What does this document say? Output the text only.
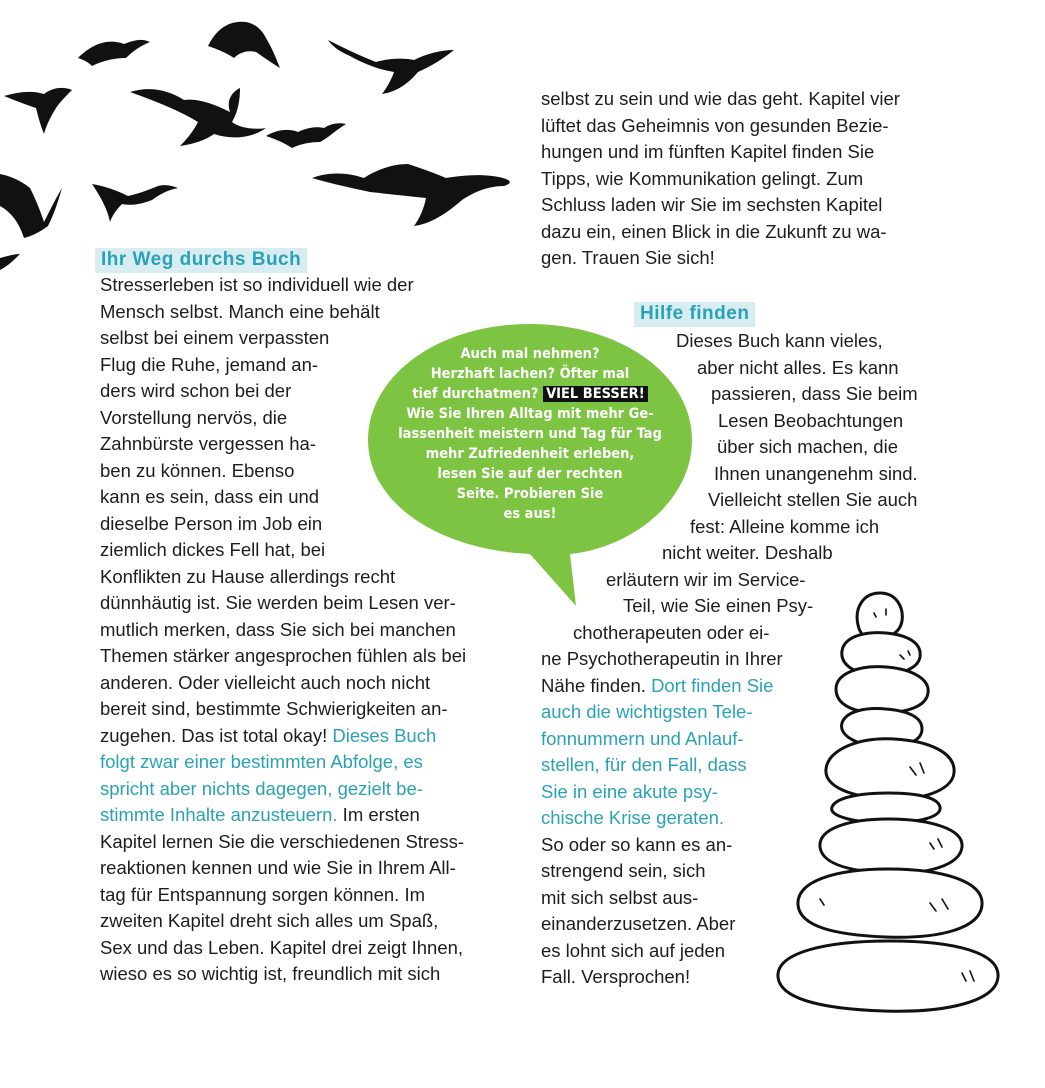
selbst zu sein und wie das geht. Kapitel vier
lüftet das Geheimnis von gesunden Bezie-
hungen und im fünften Kapitel finden Sie
Tipps, wie Kommunikation gelingt. Zum
Schluss laden wir Sie im sechsten Kapitel
dazu ein, einen Blick in die Zukunft zu wa-
gen. Trauen Sie sich!
Ihr Weg durchs Buch
Stresserleben ist so individuell wie der
Mensch selbst. Manch eine behält
selbst bei einem verpassten
Flug die Ruhe, jemand an-
ders wird schon bei der
Vorstellung nervös, die
Zahnbürste vergessen ha-
ben zu können. Ebenso
kann es sein, dass ein und
dieselbe Person im Job ein
ziemlich dickes Fell hat, bei
Konflikten zu Hause allerdings recht
dünnhäutig ist. Sie werden beim Lesen ver-
mutlich merken, dass Sie sich bei manchen
Themen stärker angesprochen fühlen als bei
anderen. Oder vielleicht auch noch nicht
bereit sind, bestimmte Schwierigkeiten an-
zugehen. Das ist total okay! Dieses Buch
folgt zwar einer bestimmten Abfolge, es
spricht aber nichts dagegen, gezielt be-
stimmte Inhalte anzusteuern. Im ersten
Kapitel lernen Sie die verschiedenen Stress-
reaktionen kennen und wie Sie in Ihrem All-
tag für Entspannung sorgen können. Im
zweiten Kapitel dreht sich alles um Spaß,
Sex und das Leben. Kapitel drei zeigt Ihnen,
wieso es so wichtig ist, freundlich mit sich
Auch mal nehmen?
Herzhaft lachen? Öfter mal
tief durchatmen? VIEL BESSER!
Wie Sie Ihren Alltag mit mehr Ge-
lassenheit meistern und Tag für Tag
mehr Zufriedenheit erleben,
lesen Sie auf der rechten
Seite. Probieren Sie
es aus!
Hilfe finden
Dieses Buch kann vieles,
aber nicht alles. Es kann
passieren, dass Sie beim
Lesen Beobachtungen
über sich machen, die
Ihnen unangenehm sind.
Vielleicht stellen Sie auch
fest: Alleine komme ich
nicht weiter. Deshalb
erläutern wir im Service-
Teil, wie Sie einen Psy-
chotherapeuten oder ei-
ne Psychotherapeutin in Ihrer
Nähe finden. Dort finden Sie
auch die wichtigsten Tele-
fonnummern und Anlauf-
stellen, für den Fall, dass
Sie in eine akute psy-
chische Krise geraten.
So oder so kann es an-
strengend sein, sich
mit sich selbst aus-
einanderzusetzen. Aber
es lohnt sich auf jeden
Fall. Versprochen!
